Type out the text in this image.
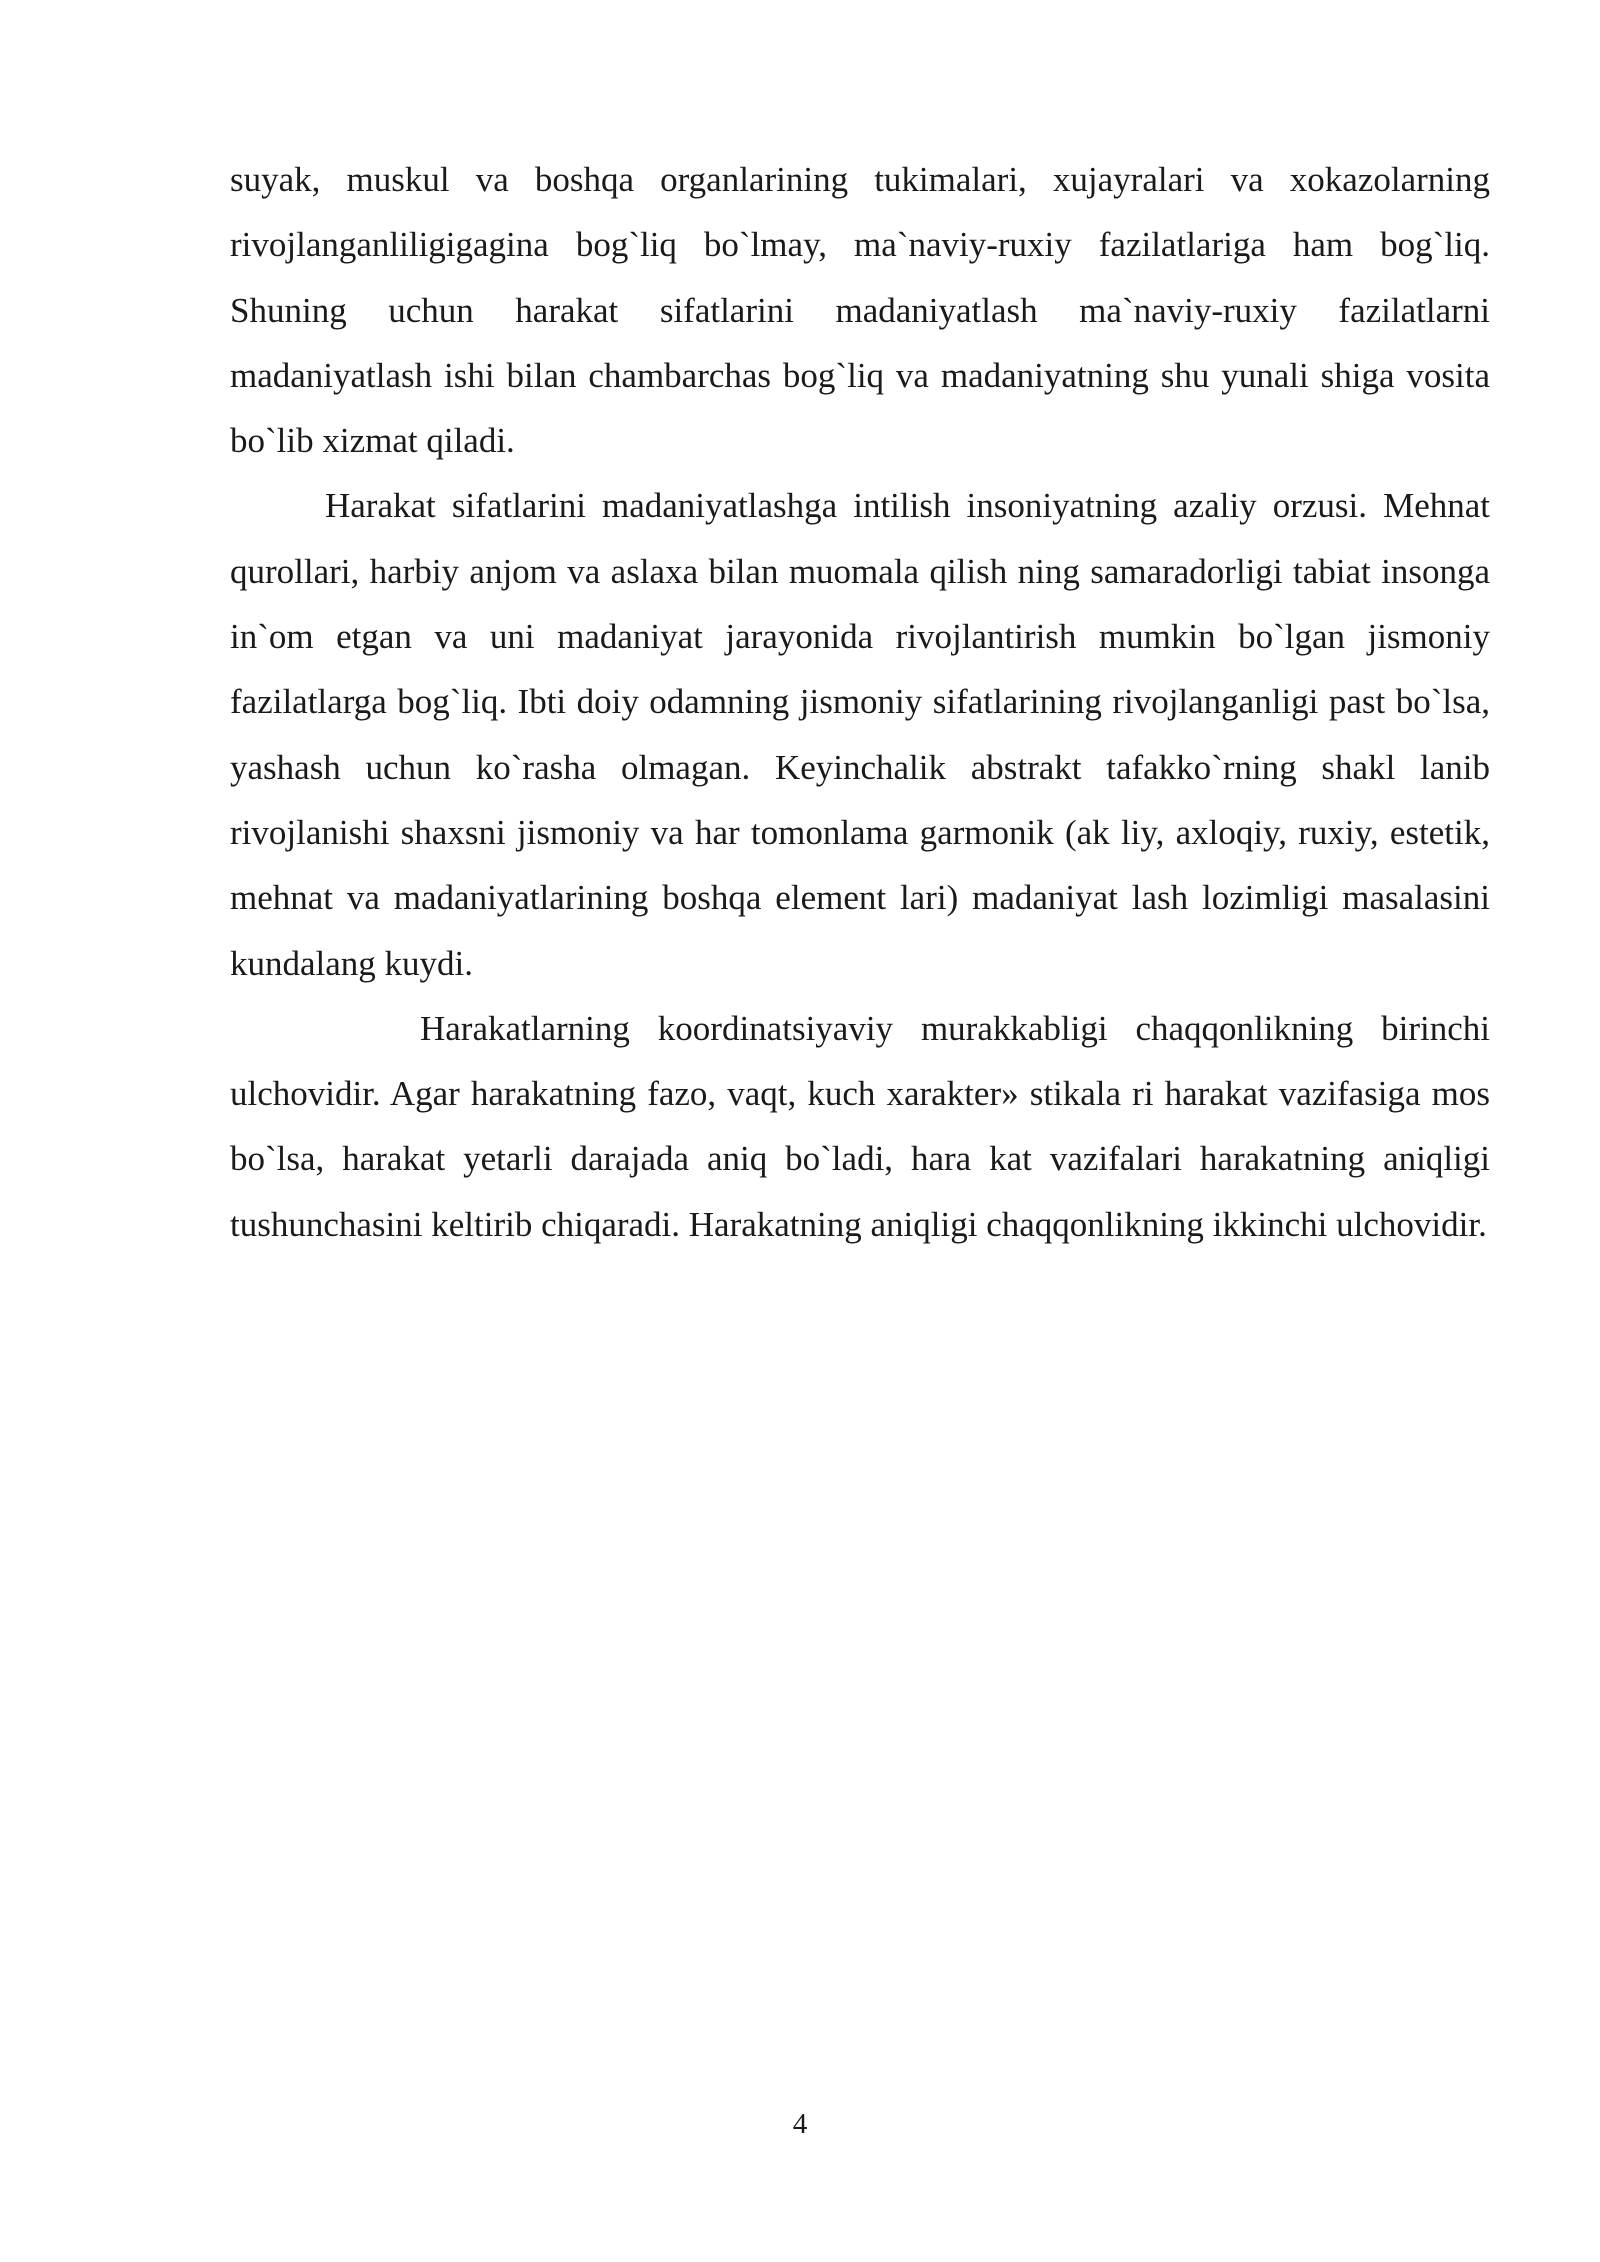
suyak, muskul va boshqa organlarining tukimalari, xujayralari va xokazolarning rivojlanganliligigagina bog`liq bo`lmay, ma`naviy-ruxiy fazilatlariga ham bog`liq. Shuning uchun harakat sifatlarini madaniyatlash ma`naviy-ruxiy fazilatlarni madaniyatlash ishi bilan chambarchas bog`liq va madaniyatning shu yunali shiga vosita bo`lib xizmat qiladi.

Harakat sifatlarini madaniyatlashga intilish insoniyatning azaliy orzusi. Mehnat qurollari, harbiy anjom va aslaxa bilan muomala qilish ning samaradorligi tabiat insonga in`om etgan va uni madaniyat jarayonida rivojlantirish mumkin bo`lgan jismoniy fazilatlarga bog`liq. Ibti doiy odamning jismoniy sifatlarining rivojlanganligi past bo`lsa, yashash uchun ko`rasha olmagan. Keyinchalik abstrakt tafakko`rning shakl lanib rivojlanishi shaxsni jismoniy va har tomonlama garmonik (ak liy, axloqiy, ruxiy, estetik, mehnat va madaniyatlarining boshqa element lari) madaniyat lash lozimligi masalasini kundalang kuydi.

Harakatlarning koordinatsiyaviy murakkabligi chaqqonlikning birinchi ulchovidir. Agar harakatning fazo, vaqt, kuch xarakter» stikala ri harakat vazifasiga mos bo`lsa, harakat yetarli darajada aniq bo`ladi, hara kat vazifalari harakatning aniqligi tushunchasini keltirib chiqaradi. Harakatning aniqligi chaqqonlikning ikkinchi ulchovidir.

4
